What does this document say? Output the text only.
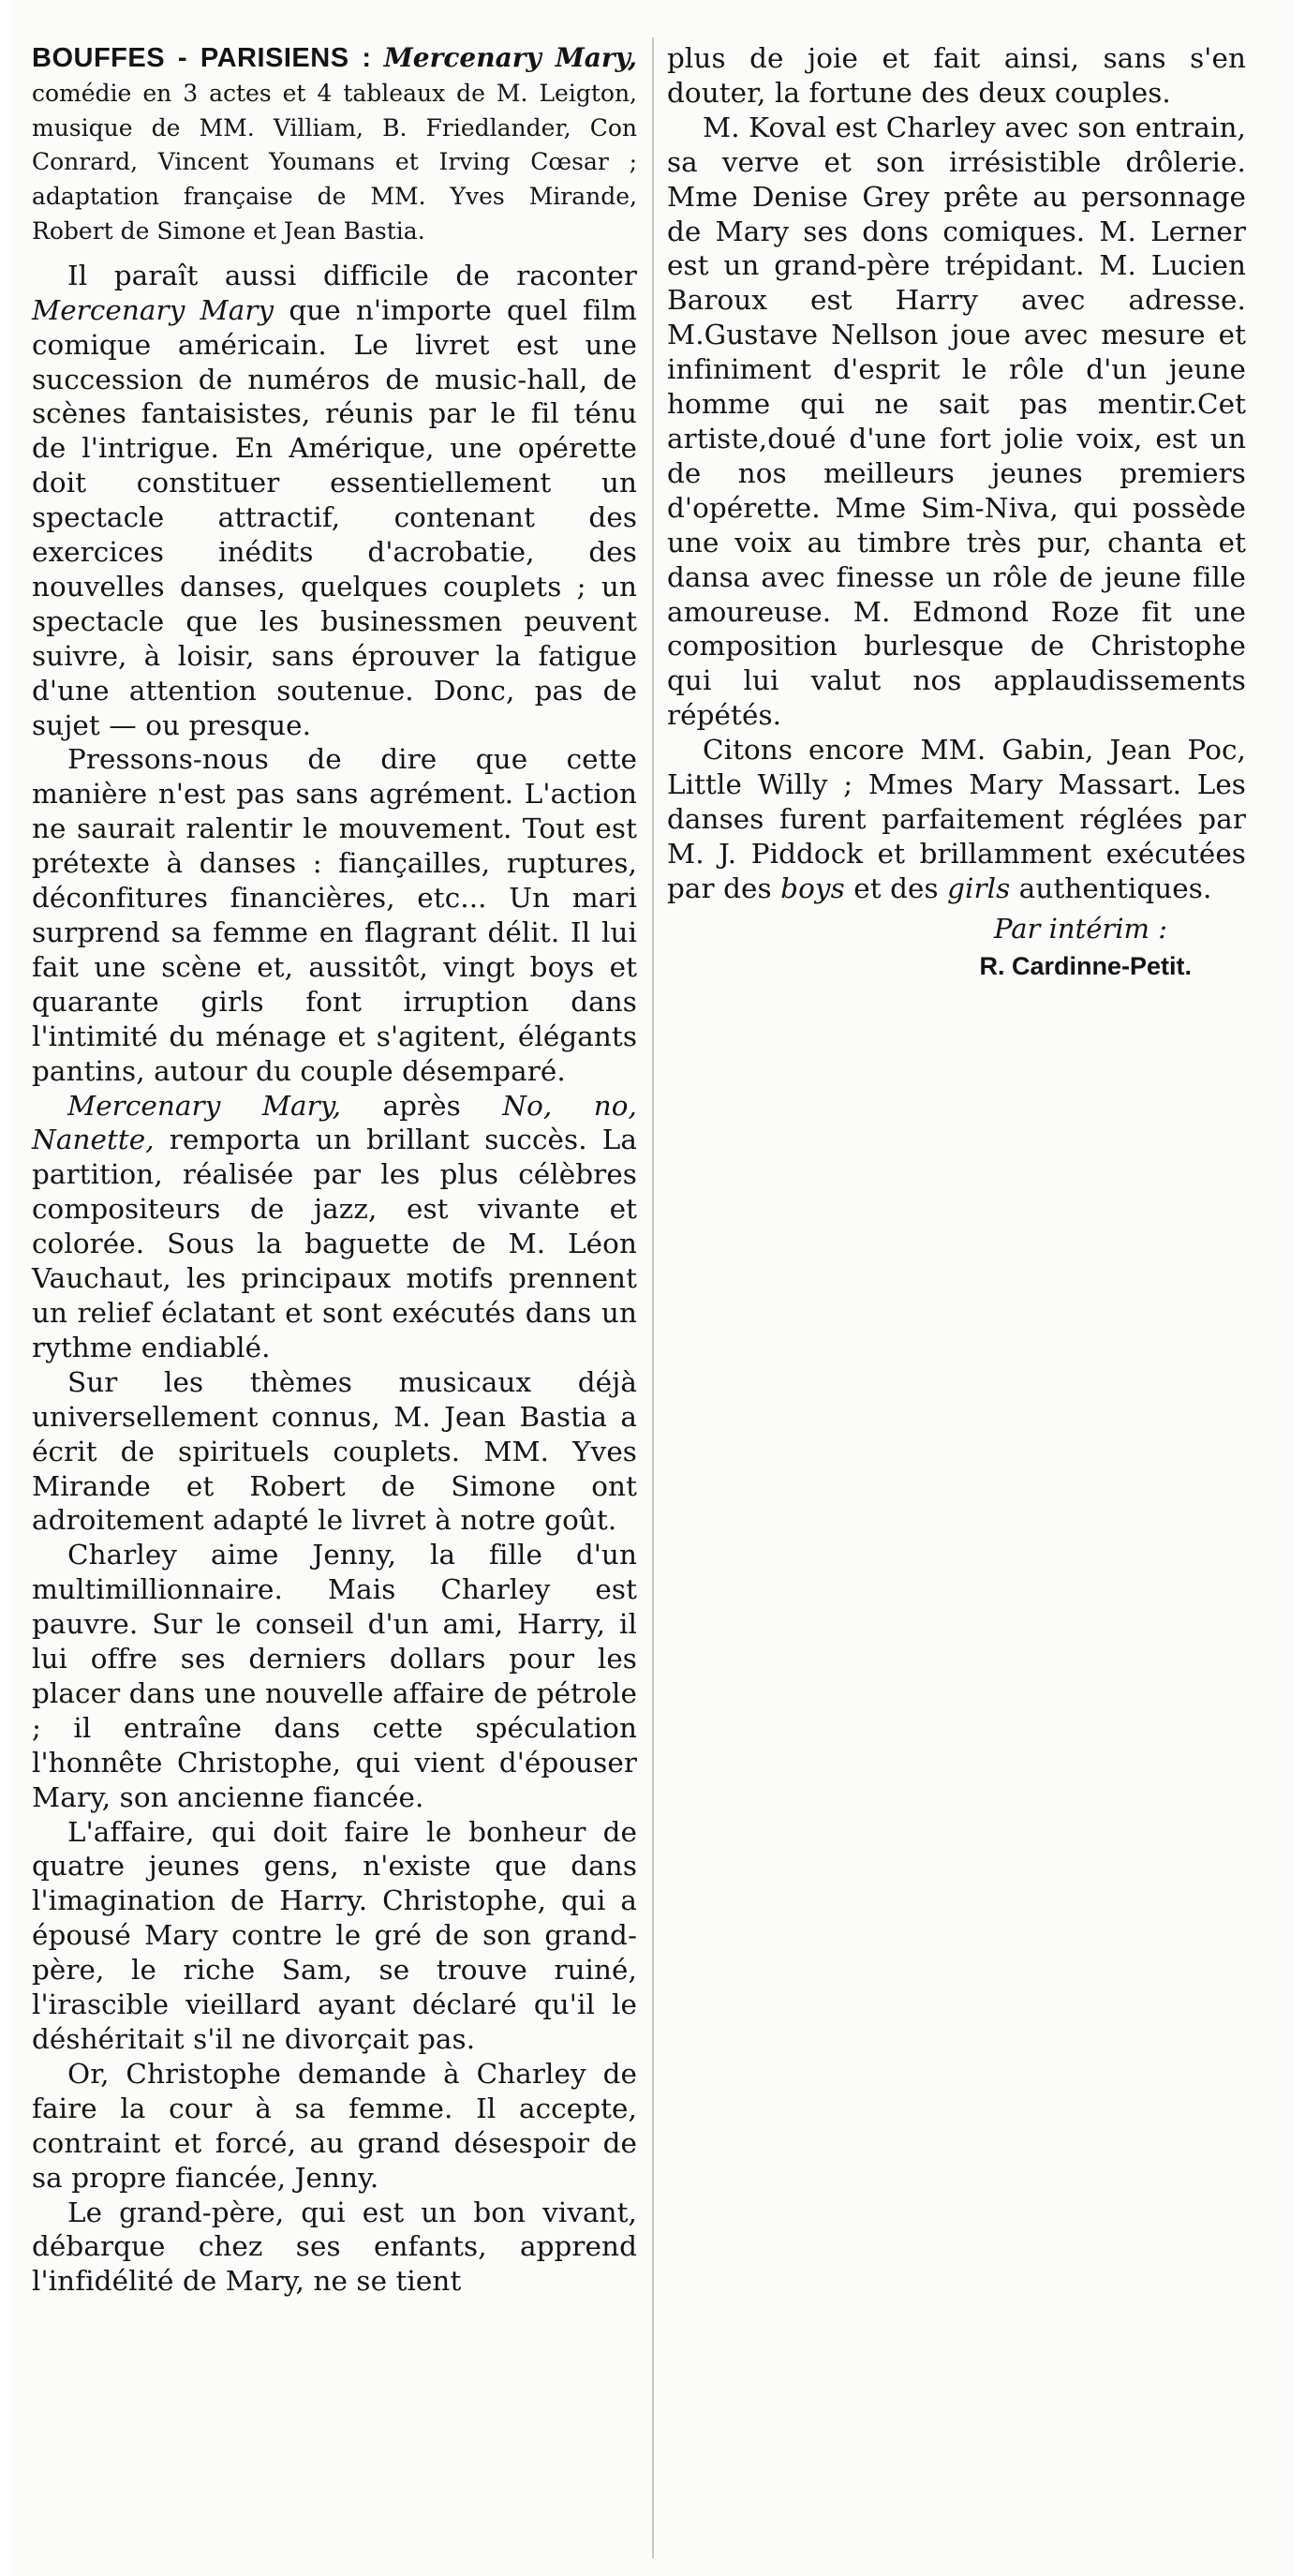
BOUFFES - PARISIENS : Mercenary Mary, comédie en 3 actes et 4 tableaux de M. Leigton, musique de MM. Villiam, B. Friedlander, Con Conrard, Vincent Youmans et Irving Cœsar ; adaptation française de MM. Yves Mirande, Robert de Simone et Jean Bastia.

Il paraît aussi difficile de raconter Mercenary Mary que n'importe quel film comique américain. Le livret est une succession de numéros de music-hall, de scènes fantaisistes, réunis par le fil ténu de l'intrigue. En Amérique, une opérette doit constituer essentiellement un spectacle attractif, contenant des exercices inédits d'acrobatie, des nouvelles danses, quelques couplets ; un spectacle que les businessmen peuvent suivre, à loisir, sans éprouver la fatigue d'une attention soutenue. Donc, pas de sujet — ou presque.

Pressons-nous de dire que cette manière n'est pas sans agrément. L'action ne saurait ralentir le mouvement. Tout est prétexte à danses : fiançailles, ruptures, déconfitures financières, etc... Un mari surprend sa femme en flagrant délit. Il lui fait une scène et, aussitôt, vingt boys et quarante girls font irruption dans l'intimité du ménage et s'agitent, élégants pantins, autour du couple désemparé.

Mercenary Mary, après No, no, Nanette, remporta un brillant succès. La partition, réalisée par les plus célèbres compositeurs de jazz, est vivante et colorée. Sous la baguette de M. Léon Vauchaut, les principaux motifs prennent un relief éclatant et sont exécutés dans un rythme endiablé.

Sur les thèmes musicaux déjà universellement connus, M. Jean Bastia a écrit de spirituels couplets. MM. Yves Mirande et Robert de Simone ont adroitement adapté le livret à notre goût.

Charley aime Jenny, la fille d'un multimillionnaire. Mais Charley est pauvre. Sur le conseil d'un ami, Harry, il lui offre ses derniers dollars pour les placer dans une nouvelle affaire de pétrole ; il entraîne dans cette spéculation l'honnête Christophe, qui vient d'épouser Mary, son ancienne fiancée.

L'affaire, qui doit faire le bonheur de quatre jeunes gens, n'existe que dans l'imagination de Harry. Christophe, qui a épousé Mary contre le gré de son grand-père, le riche Sam, se trouve ruiné, l'irascible vieillard ayant déclaré qu'il le déshéritait s'il ne divorçait pas.

Or, Christophe demande à Charley de faire la cour à sa femme. Il accepte, contraint et forcé, au grand désespoir de sa propre fiancée, Jenny.

Le grand-père, qui est un bon vivant, débarque chez ses enfants, apprend l'infidélité de Mary, ne se tient

plus de joie et fait ainsi, sans s'en douter, la fortune des deux couples.

M. Koval est Charley avec son entrain, sa verve et son irrésistible drôlerie. Mme Denise Grey prête au personnage de Mary ses dons comiques. M. Lerner est un grand-père trépidant. M. Lucien Baroux est Harry avec adresse. M.Gustave Nellson joue avec mesure et infiniment d'esprit le rôle d'un jeune homme qui ne sait pas mentir.Cet artiste,doué d'une fort jolie voix, est un de nos meilleurs jeunes premiers d'opérette. Mme Sim-Niva, qui possède une voix au timbre très pur, chanta et dansa avec finesse un rôle de jeune fille amoureuse. M. Edmond Roze fit une composition burlesque de Christophe qui lui valut nos applaudissements répétés.

Citons encore MM. Gabin, Jean Poc, Little Willy ; Mmes Mary Massart. Les danses furent parfaitement réglées par M. J. Piddock et brillamment exécutées par des boys et des girls authentiques.

Par intérim :
R. Cardinne-Petit.
